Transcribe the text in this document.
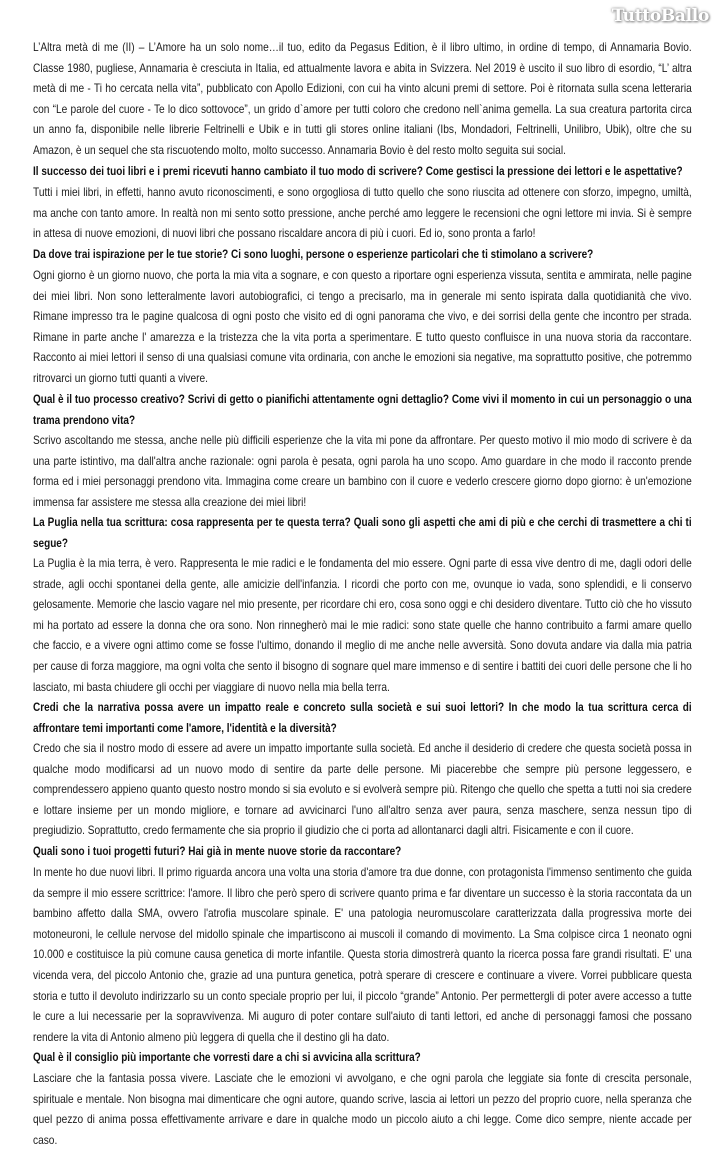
TuttoBallo

L’Altra metà di me (II) – L’Amore ha un solo nome…il tuo, edito da Pegasus Edition, è il libro ultimo, in ordine di tempo, di Annamaria Bovio. Classe 1980, pugliese, Annamaria è cresciuta in Italia, ed attualmente lavora e abita in Svizzera. Nel 2019 è uscito il suo libro di esordio, “L’ altra metà di me - Ti ho cercata nella vita”, pubblicato con Apollo Edizioni, con cui ha vinto alcuni premi di settore. Poi è ritornata sulla scena letteraria con “Le parole del cuore - Te lo dico sottovoce”, un grido d`amore per tutti coloro che credono nell`anima gemella. La sua creatura partorita circa un anno fa, disponibile nelle librerie Feltrinelli e Ubik e in tutti gli stores online italiani (Ibs, Mondadori, Feltrinelli, Unilibro, Ubik), oltre che su Amazon, è un sequel che sta riscuotendo molto, molto successo. Annamaria Bovio è del resto molto seguita sui social.

Il successo dei tuoi libri e i premi ricevuti hanno cambiato il tuo modo di scrivere? Come gestisci la pressione dei lettori e le aspettative?

Tutti i miei libri, in effetti, hanno avuto riconoscimenti, e sono orgogliosa di tutto quello che sono riuscita ad ottenere con sforzo, impegno, umiltà, ma anche con tanto amore. In realtà non mi sento sotto pressione, anche perché amo leggere le recensioni che ogni lettore mi invia. Si è sempre in attesa di nuove emozioni, di nuovi libri che possano riscaldare ancora di più i cuori. Ed io, sono pronta a farlo!

Da dove trai ispirazione per le tue storie? Ci sono luoghi, persone o esperienze particolari che ti stimolano a scrivere?

Ogni giorno è un giorno nuovo, che porta la mia vita a sognare, e con questo a riportare ogni esperienza vissuta, sentita e ammirata, nelle pagine dei miei libri. Non sono letteralmente lavori autobiografici, ci tengo a precisarlo, ma in generale mi sento ispirata dalla quotidianità che vivo. Rimane impresso tra le pagine qualcosa di ogni posto che visito ed di ogni panorama che vivo, e dei sorrisi della gente che incontro per strada. Rimane in parte anche l' amarezza e la tristezza che la vita porta a sperimentare. E tutto questo confluisce in una nuova storia da raccontare. Racconto ai miei lettori il senso di una qualsiasi comune vita ordinaria, con anche le emozioni sia negative, ma soprattutto positive, che potremmo ritrovarci un giorno tutti quanti a vivere.

Qual è il tuo processo creativo? Scrivi di getto o pianifichi attentamente ogni dettaglio? Come vivi il momento in cui un personaggio o una trama prendono vita?

Scrivo ascoltando me stessa, anche nelle più difficili esperienze che la vita mi pone da affrontare. Per questo motivo il mio modo di scrivere è da una parte istintivo, ma dall'altra anche razionale: ogni parola è pesata, ogni parola ha uno scopo. Amo guardare in che modo il racconto prende forma ed i miei personaggi prendono vita. Immagina come creare un bambino con il cuore e vederlo crescere giorno dopo giorno: è un'emozione immensa far assistere me stessa alla creazione dei miei libri!

La Puglia nella tua scrittura: cosa rappresenta per te questa terra? Quali sono gli aspetti che ami di più e che cerchi di trasmettere a chi ti segue?

La Puglia è la mia terra, è vero. Rappresenta le mie radici e le fondamenta del mio essere. Ogni parte di essa vive dentro di me, dagli odori delle strade, agli occhi spontanei della gente, alle amicizie dell'infanzia. I ricordi che porto con me, ovunque io vada, sono splendidi, e li conservo gelosamente. Memorie che lascio vagare nel mio presente, per ricordare chi ero, cosa sono oggi e chi desidero diventare. Tutto ciò che ho vissuto mi ha portato ad essere la donna che ora sono. Non rinnegherò mai le mie radici: sono state quelle che hanno contribuito a farmi amare quello che faccio, e a vivere ogni attimo come se fosse l'ultimo, donando il meglio di me anche nelle avversità. Sono dovuta andare via dalla mia patria per cause di forza maggiore, ma ogni volta che sento il bisogno di sognare quel mare immenso e di sentire i battiti dei cuori delle persone che li ho lasciato, mi basta chiudere gli occhi per viaggiare di nuovo nella mia bella terra.

Credi che la narrativa possa avere un impatto reale e concreto sulla società e sui suoi lettori? In che modo la tua scrittura cerca di affrontare temi importanti come l'amore, l'identità e la diversità?

Credo che sia il nostro modo di essere ad avere un impatto importante sulla società. Ed anche il desiderio di credere che questa società possa in qualche modo modificarsi ad un nuovo modo di sentire da parte delle persone. Mi piacerebbe che sempre più persone leggessero, e comprendessero appieno quanto questo nostro mondo si sia evoluto e si evolverà sempre più. Ritengo che quello che spetta a tutti noi sia credere e lottare insieme per un mondo migliore, e tornare ad avvicinarci l'uno all'altro senza aver paura, senza maschere, senza nessun tipo di pregiudizio. Soprattutto, credo fermamente che sia proprio il giudizio che ci porta ad allontanarci dagli altri. Fisicamente e con il cuore.

Quali sono i tuoi progetti futuri? Hai già in mente nuove storie da raccontare?

In mente ho due nuovi libri. Il primo riguarda ancora una volta una storia d'amore tra due donne, con protagonista l'immenso sentimento che guida da sempre il mio essere scrittrice: l'amore. Il libro che però spero di scrivere quanto prima e far diventare un successo è la storia raccontata da un bambino affetto dalla SMA, ovvero l'atrofia muscolare spinale. E' una patologia neuromuscolare caratterizzata dalla progressiva morte dei motoneuroni, le cellule nervose del midollo spinale che impartiscono ai muscoli il comando di movimento. La Sma colpisce circa 1 neonato ogni 10.000 e costituisce la più comune causa genetica di morte infantile. Questa storia dimostrerà quanto la ricerca possa fare grandi risultati. E' una vicenda vera, del piccolo Antonio che, grazie ad una puntura genetica, potrà sperare di crescere e continuare a vivere. Vorrei pubblicare questa storia e tutto il devoluto indirizzarlo su un conto speciale proprio per lui, il piccolo “grande” Antonio. Per permettergli di poter avere accesso a tutte le cure a lui necessarie per la sopravvivenza. Mi auguro di poter contare sull'aiuto di tanti lettori, ed anche di personaggi famosi che possano rendere la vita di Antonio almeno più leggera di quella che il destino gli ha dato.

Qual è il consiglio più importante che vorresti dare a chi si avvicina alla scrittura?

Lasciare che la fantasia possa vivere. Lasciate che le emozioni vi avvolgano, e che ogni parola che leggiate sia fonte di crescita personale, spirituale e mentale. Non bisogna mai dimenticare che ogni autore, quando scrive, lascia ai lettori un pezzo del proprio cuore, nella speranza che quel pezzo di anima possa effettivamente arrivare e dare in qualche modo un piccolo aiuto a chi legge. Come dico sempre, niente accade per caso.
